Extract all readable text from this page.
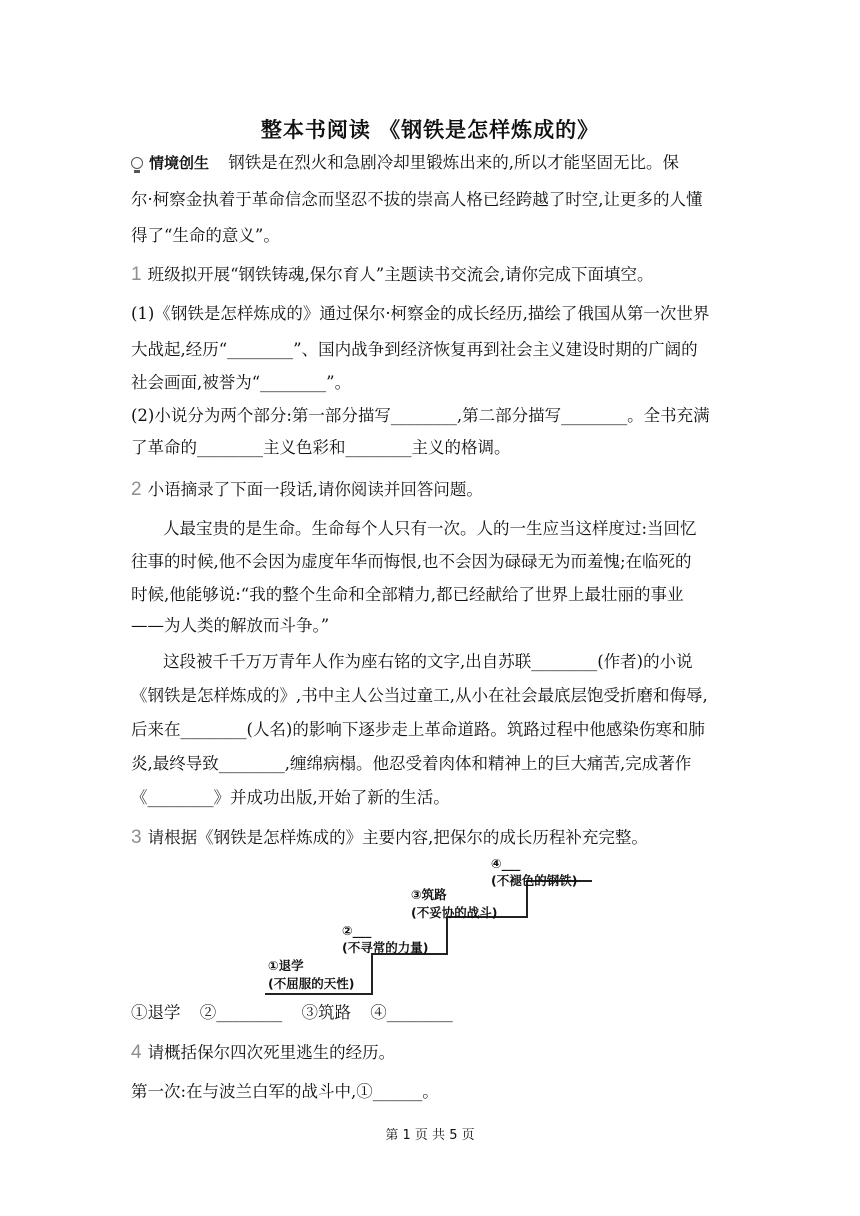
整本书阅读 《钢铁是怎样炼成的》
情境创生 钢铁是在烈火和急剧冷却里锻炼出来的,所以才能坚固无比。保
尔·柯察金执着于革命信念而坚忍不拔的崇高人格已经跨越了时空,让更多的人懂
得了“生命的意义”。
1 班级拟开展“钢铁铸魂,保尔育人”主题读书交流会,请你完成下面填空。
(1)《钢铁是怎样炼成的》通过保尔·柯察金的成长经历,描绘了俄国从第一次世界
大战起,经历“________”、国内战争到经济恢复再到社会主义建设时期的广阔的
社会画面,被誉为“________”。
(2)小说分为两个部分:第一部分描写________,第二部分描写________。全书充满
了革命的________主义色彩和________主义的格调。
2 小语摘录了下面一段话,请你阅读并回答问题。
人最宝贵的是生命。生命每个人只有一次。人的一生应当这样度过:当回忆
往事的时候,他不会因为虚度年华而悔恨,也不会因为碌碌无为而羞愧;在临死的
时候,他能够说:“我的整个生命和全部精力,都已经献给了世界上最壮丽的事业
——为人类的解放而斗争。”
这段被千千万万青年人作为座右铭的文字,出自苏联________(作者)的小说
《钢铁是怎样炼成的》,书中主人公当过童工,从小在社会最底层饱受折磨和侮辱,
后来在________(人名)的影响下逐步走上革命道路。筑路过程中他感染伤寒和肺
炎,最终导致________,缠绵病榻。他忍受着肉体和精神上的巨大痛苦,完成著作
《________》并成功出版,开始了新的生活。
3 请根据《钢铁是怎样炼成的》主要内容,把保尔的成长历程补充完整。
①退学
(不屈服的天性)
②___
(不寻常的力量)
③筑路
(不妥协的战斗)
④___
(不褪色的钢铁)
①退学 ②________ ③筑路 ④________
4 请概括保尔四次死里逃生的经历。
第一次:在与波兰白军的战斗中,①______。
第 1 页 共 5 页
